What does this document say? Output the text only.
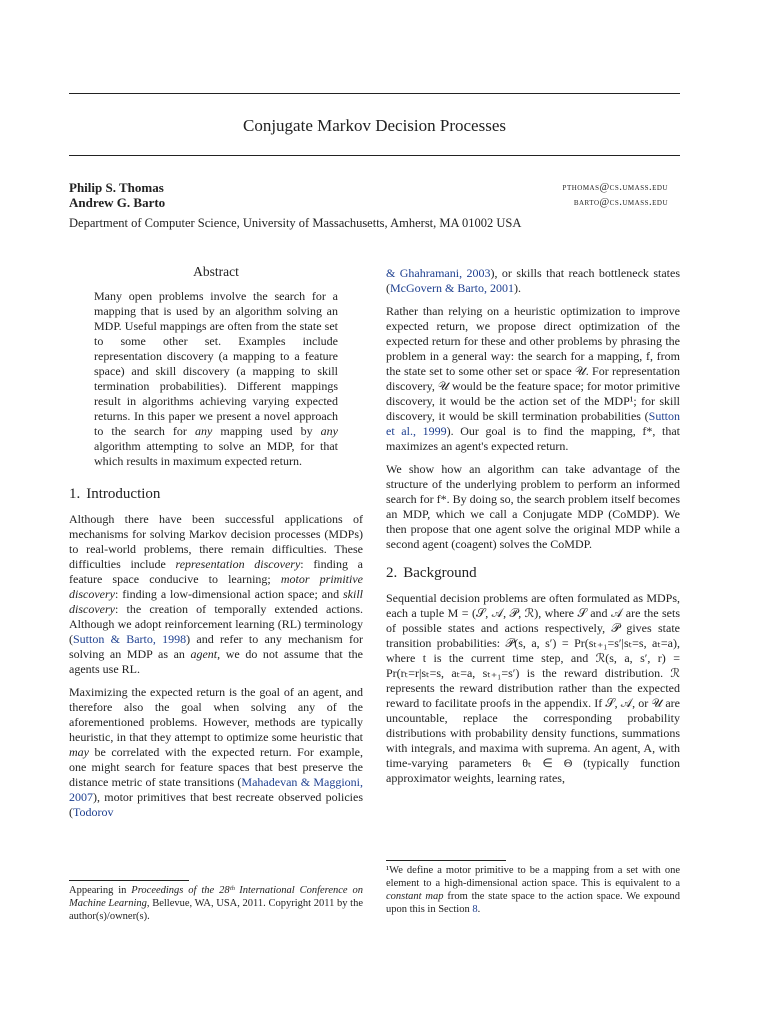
Conjugate Markov Decision Processes
Philip S. Thomas	pthomas@cs.umass.edu
Andrew G. Barto	barto@cs.umass.edu
Department of Computer Science, University of Massachusetts, Amherst, MA 01002 USA
Abstract

Many open problems involve the search for a mapping that is used by an algorithm solving an MDP. Useful mappings are often from the state set to some other set. Examples include representation discovery (a mapping to a feature space) and skill discovery (a mapping to skill termination probabilities). Different mappings result in algorithms achieving varying expected returns. In this paper we present a novel approach to the search for any mapping used by any algorithm attempting to solve an MDP, for that which results in maximum expected return.

1. Introduction

Although there have been successful applications of mechanisms for solving Markov decision processes (MDPs) to real-world problems, there remain difficulties. These difficulties include representation discovery: finding a feature space conducive to learning; motor primitive discovery: finding a low-dimensional action space; and skill discovery: the creation of temporally extended actions. Although we adopt reinforcement learning (RL) terminology (Sutton & Barto, 1998) and refer to any mechanism for solving an MDP as an agent, we do not assume that the agents use RL.

Maximizing the expected return is the goal of an agent, and therefore also the goal when solving any of the aforementioned problems. However, methods are typically heuristic, in that they attempt to optimize some heuristic that may be correlated with the expected return. For example, one might search for feature spaces that best preserve the distance metric of state transitions (Mahadevan & Maggioni, 2007), motor primitives that best recreate observed policies (Todorov

Appearing in Proceedings of the 28ᵗʰ International Conference on Machine Learning, Bellevue, WA, USA, 2011. Copyright 2011 by the author(s)/owner(s).

& Ghahramani, 2003), or skills that reach bottleneck states (McGovern & Barto, 2001).

Rather than relying on a heuristic optimization to improve expected return, we propose direct optimization of the expected return for these and other problems by phrasing the problem in a general way: the search for a mapping, f, from the state set to some other set or space 𝒰. For representation discovery, 𝒰 would be the feature space; for motor primitive discovery, it would be the action set of the MDP¹; for skill discovery, it would be skill termination probabilities (Sutton et al., 1999). Our goal is to find the mapping, f*, that maximizes an agent's expected return.

We show how an algorithm can take advantage of the structure of the underlying problem to perform an informed search for f*. By doing so, the search problem itself becomes an MDP, which we call a Conjugate MDP (CoMDP). We then propose that one agent solve the original MDP while a second agent (coagent) solves the CoMDP.

2. Background

Sequential decision problems are often formulated as MDPs, each a tuple M = (𝒮, 𝒜, 𝒫, ℛ), where 𝒮 and 𝒜 are the sets of possible states and actions respectively, 𝒫 gives state transition probabilities: 𝒫(s, a, s′) = Pr(sₜ₊₁=s′|sₜ=s, aₜ=a), where t is the current time step, and ℛ(s, a, s′, r) = Pr(rₜ=r|sₜ=s, aₜ=a, sₜ₊₁=s′) is the reward distribution. ℛ represents the reward distribution rather than the expected reward to facilitate proofs in the appendix. If 𝒮, 𝒜, or 𝒰 are uncountable, replace the corresponding probability distributions with probability density functions, summations with integrals, and maxima with suprema. An agent, A, with time-varying parameters θₜ ∈ Θ (typically function approximator weights, learning rates,

¹We define a motor primitive to be a mapping from a set with one element to a high-dimensional action space. This is equivalent to a constant map from the state space to the action space. We expound upon this in Section 8.
